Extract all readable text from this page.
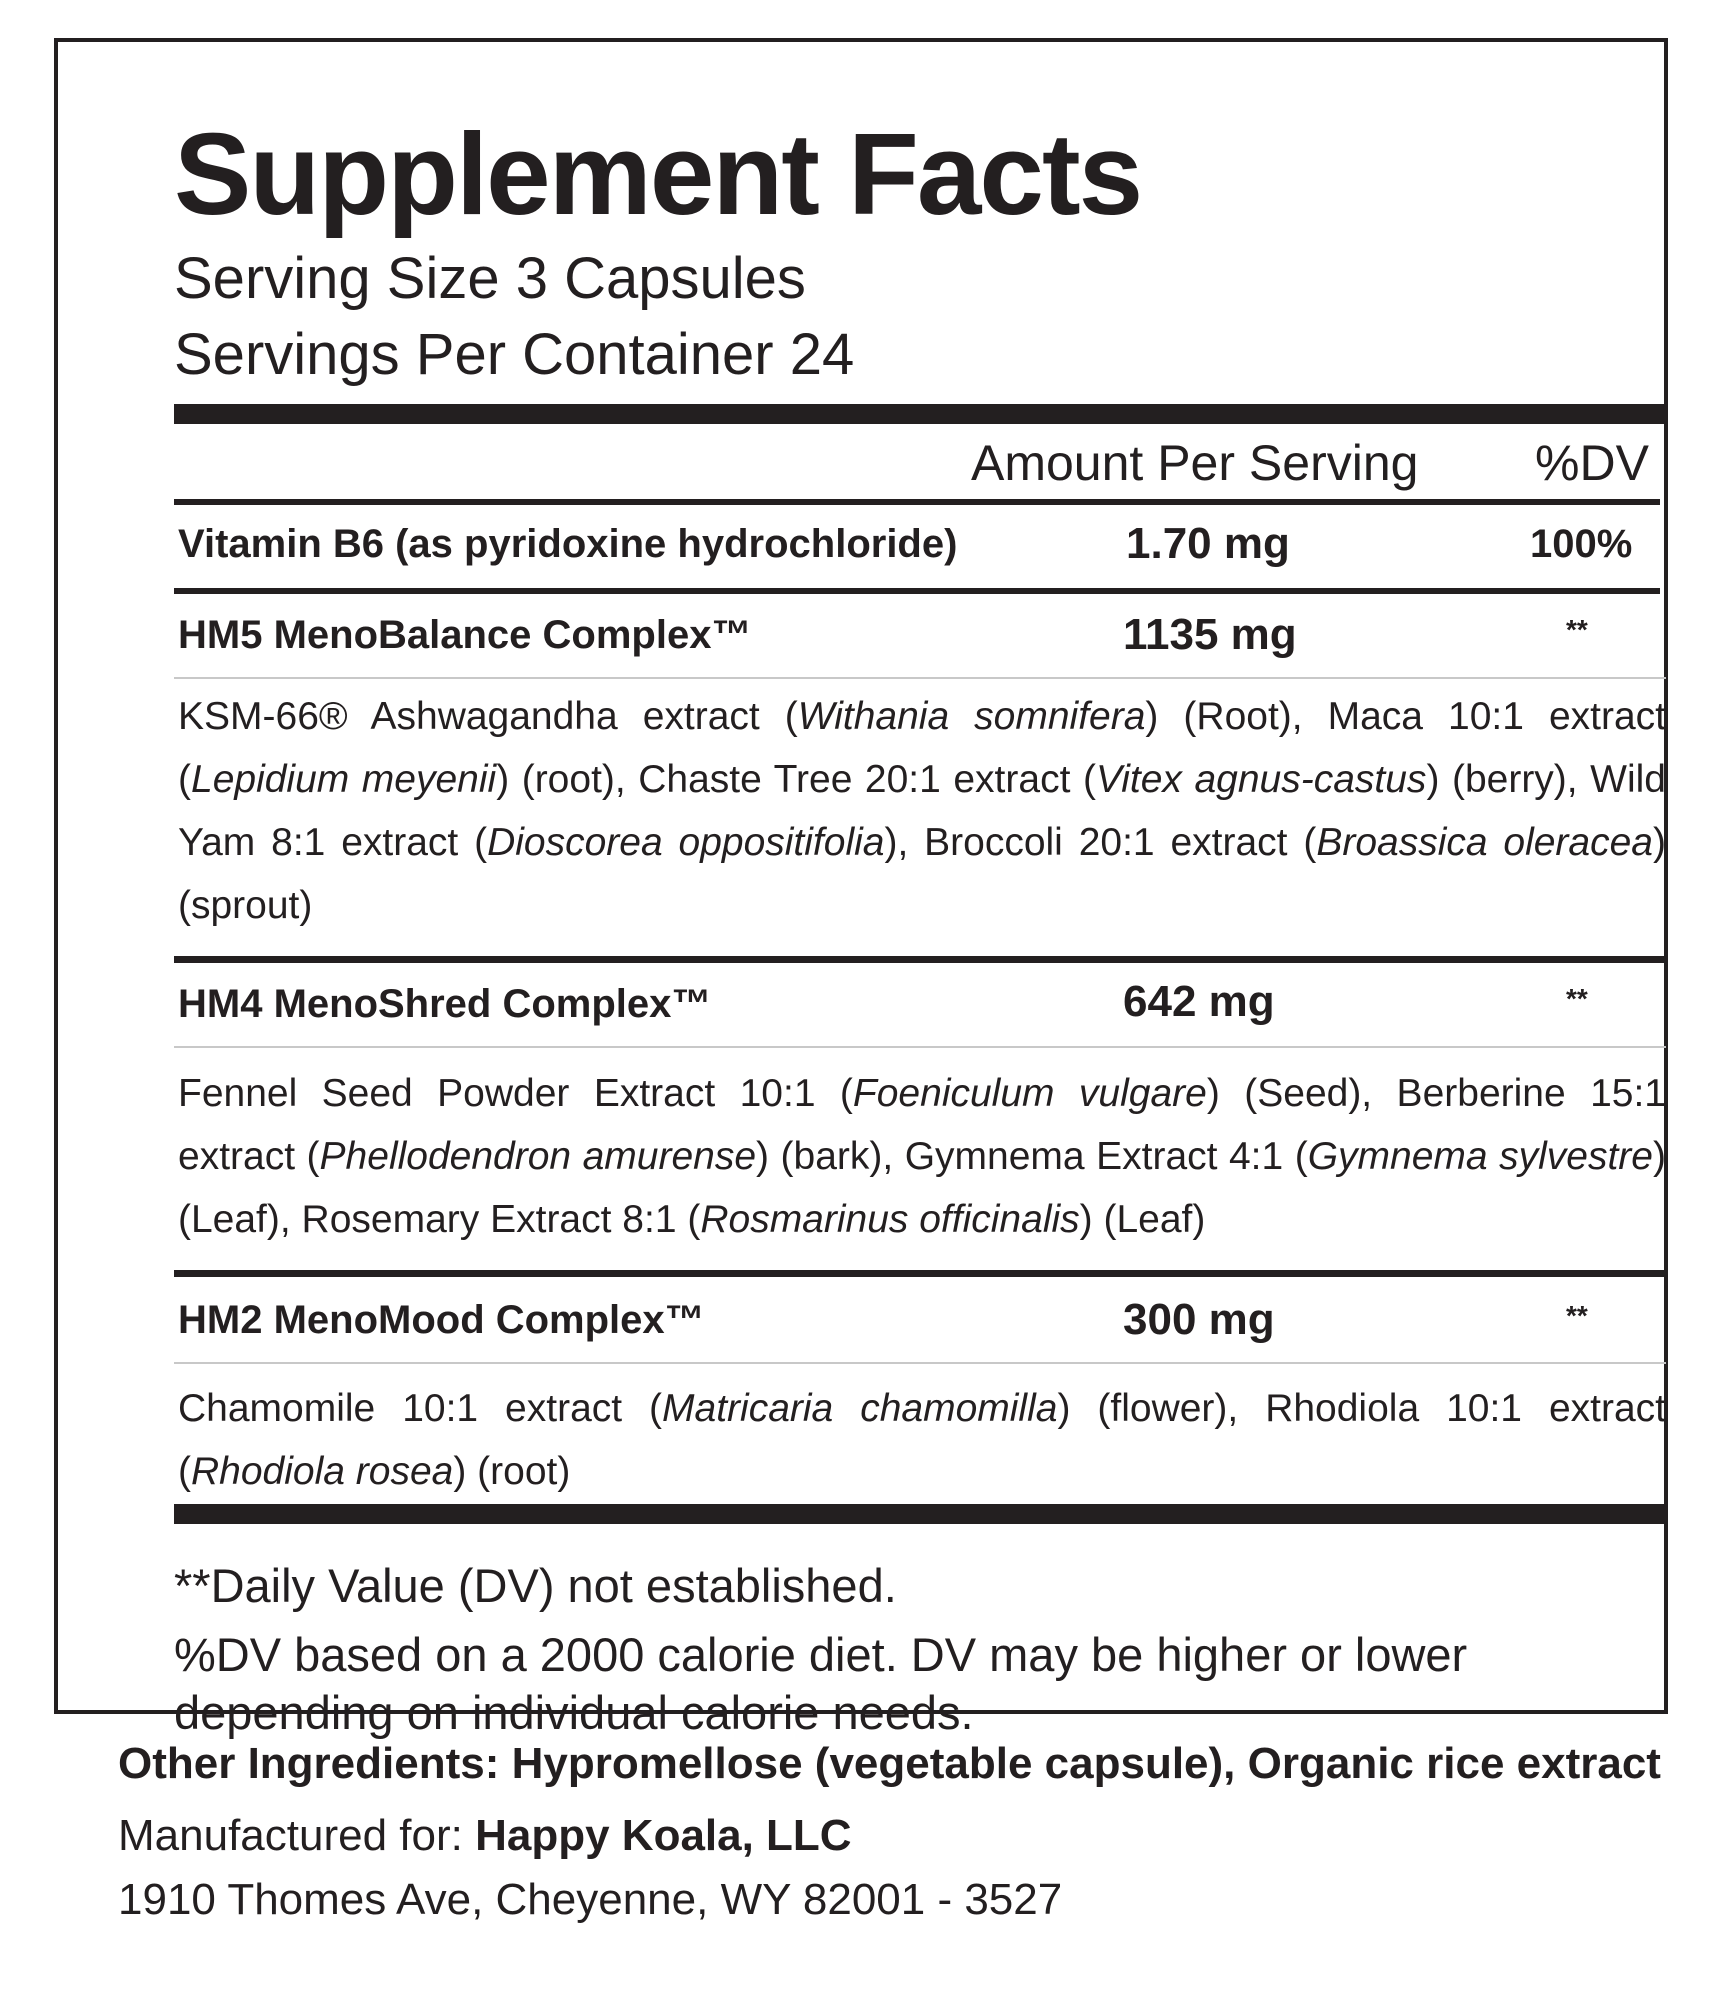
Supplement Facts
Serving Size 3 Capsules
Servings Per Container 24
Amount Per Serving %DV
Vitamin B6 (as pyridoxine hydrochloride)	1.70 mg	100%
HM5 MenoBalance Complex™	1135 mg	**

KSM-66® Ashwagandha extract (Withania somnifera) (Root), Maca 10:1 extract (Lepidium meyenii) (root), Chaste Tree 20:1 extract (Vitex agnus-castus) (berry), Wild Yam 8:1 extract (Dioscorea oppositifolia), Broccoli 20:1 extract (Broassica oleracea) (sprout)

HM4 MenoShred Complex™	642 mg	**

Fennel Seed Powder Extract 10:1 (Foeniculum vulgare) (Seed), Berberine 15:1 extract (Phellodendron amurense) (bark), Gymnema Extract 4:1 (Gymnema sylvestre) (Leaf), Rosemary Extract 8:1 (Rosmarinus officinalis) (Leaf)

HM2 MenoMood Complex™	300 mg	**

Chamomile 10:1 extract (Matricaria chamomilla) (flower), Rhodiola 10:1 extract (Rhodiola rosea) (root)

**Daily Value (DV) not established.
%DV based on a 2000 calorie diet. DV may be higher or lower depending on individual calorie needs.
Other Ingredients: Hypromellose (vegetable capsule), Organic rice extract
Manufactured for: Happy Koala, LLC
1910 Thomes Ave, Cheyenne, WY 82001 - 3527
